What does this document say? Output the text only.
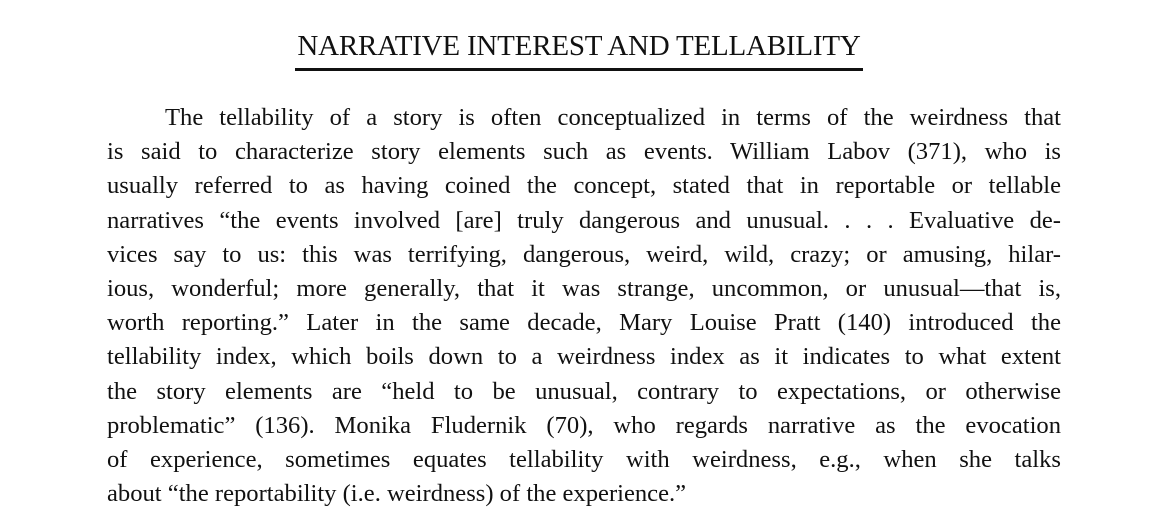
NARRATIVE INTEREST AND TELLABILITY
The tellability of a story is often conceptualized in terms of the weirdness that
is said to characterize story elements such as events. William Labov (371), who is
usually referred to as having coined the concept, stated that in reportable or tellable
narratives “the events involved [are] truly dangerous and unusual. . . . Evaluative de-
vices say to us: this was terrifying, dangerous, weird, wild, crazy; or amusing, hilar-
ious, wonderful; more generally, that it was strange, uncommon, or unusual—that is,
worth reporting.” Later in the same decade, Mary Louise Pratt (140) introduced the
tellability index, which boils down to a weirdness index as it indicates to what extent
the story elements are “held to be unusual, contrary to expectations, or otherwise
problematic” (136). Monika Fludernik (70), who regards narrative as the evocation
of experience, sometimes equates tellability with weirdness, e.g., when she talks
about “the reportability (i.e. weirdness) of the experience.”
